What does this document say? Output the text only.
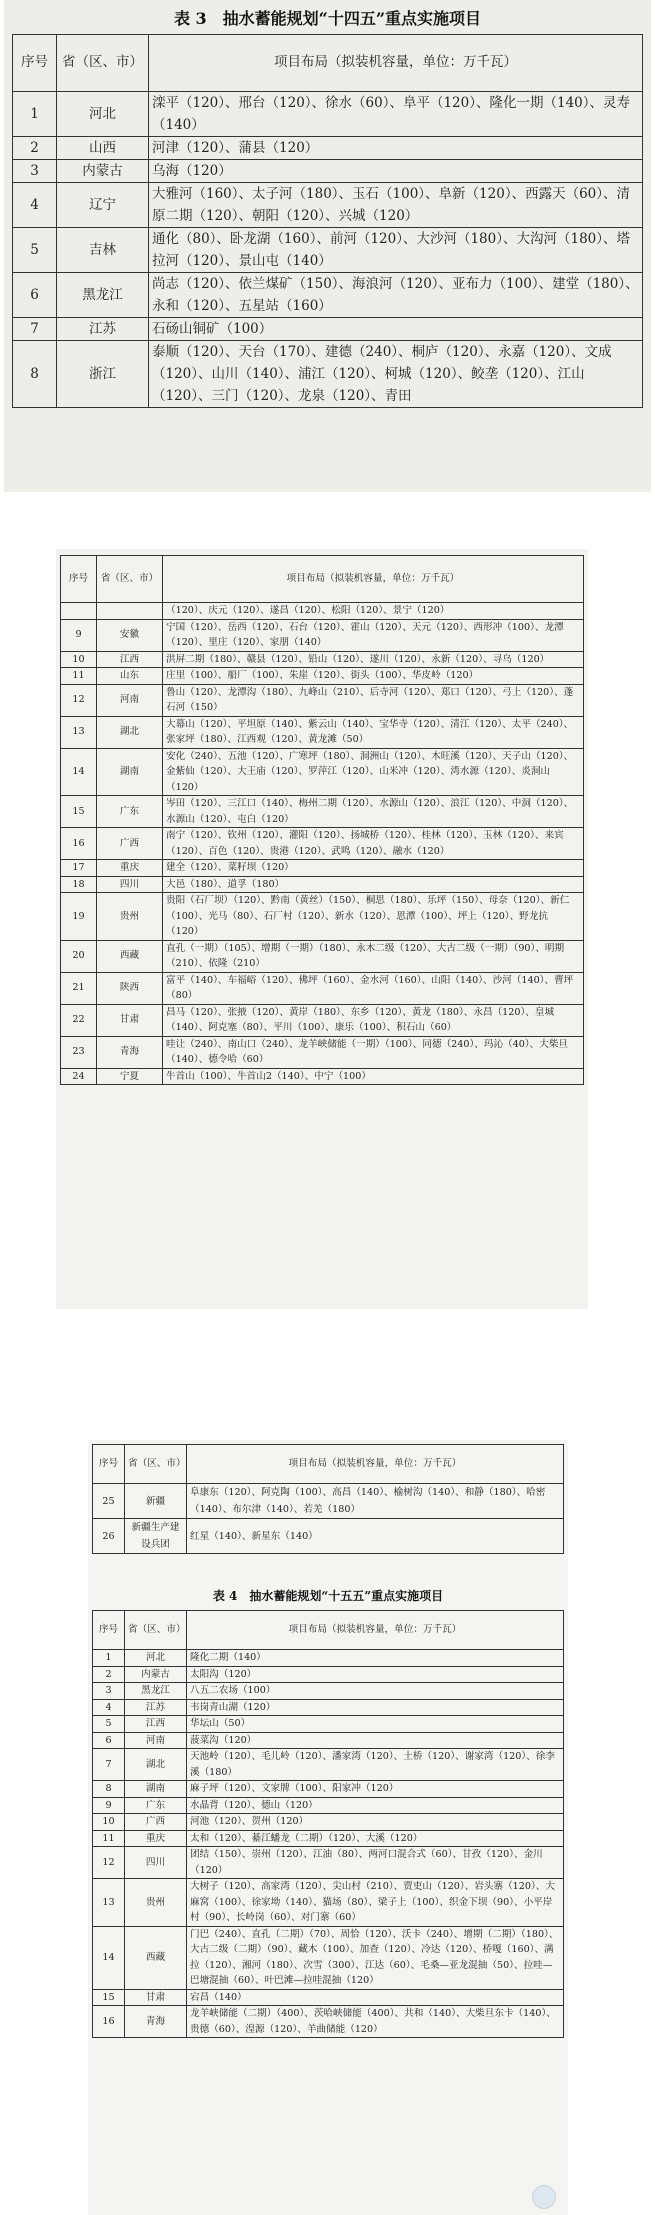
表 3　抽水蓄能规划“十四五”重点实施项目
序号	省（区、市）	项目布局（拟装机容量，单位：万千瓦）
1	河北	滦平（120）、邢台（120）、徐水（60）、阜平（120）、隆化一期（140）、灵寿（140）
2	山西	河津（120）、蒲县（120）
3	内蒙古	乌海（120）
4	辽宁	大雅河（160）、太子河（180）、玉石（100）、阜新（120）、西露天（60）、清原二期（120）、朝阳（120）、兴城（120）
5	吉林	通化（80）、卧龙湖（160）、前河（120）、大沙河（180）、大沟河（180）、塔拉河（120）、景山屯（140）
6	黑龙江	尚志（120）、依兰煤矿（150）、海浪河（120）、亚布力（100）、建堂（180）、永和（120）、五星站（160）
7	江苏	石砀山铜矿（100）
8	浙江	泰顺（120）、天台（170）、建德（240）、桐庐（120）、永嘉（120）、文成（120）、山川（140）、浦江（120）、柯城（120）、鲛垄（120）、江山（120）、三门（120）、龙泉（120）、青田
序号	省（区、市）	项目布局（拟装机容量，单位：万千瓦）
		（120）、庆元（120）、遂昌（120）、松阳（120）、景宁（120）
9	安徽	宁国（120）、岳西（120）、石台（120）、霍山（120）、天元（120）、西形冲（100）、龙潭（120）、里庄（120）、家朋（140）
10	江西	洪屏二期（180）、赣县（120）、铅山（120）、遂川（120）、永新（120）、寻乌（120）
11	山东	庄里（100）、船厂（100）、朱崖（120）、街头（100）、华皮岭（120）
12	河南	鲁山（120）、龙潭沟（180）、九峰山（210）、后寺河（120）、郑口（120）、弓上（120）、蓬石河（150）
13	湖北	大幕山（120）、平坦原（140）、紫云山（140）、宝华寺（120）、清江（120）、太平（240）、张家坪（180）、江西观（120）、黄龙滩（50）
14	湖南	安化（240）、五池（120）、广寒坪（180）、洞洲山（120）、木旺溪（120）、天子山（120）、金紫仙（120）、大王庙（120）、罗萍江（120）、山米冲（120）、湾水源（120）、炎洞山（120）
15	广东	岑田（120）、三江口（140）、梅州二期（120）、水源山（120）、浪江（120）、中洞（120）、水源山（120）、屯白（120）
16	广西	南宁（120）、钦州（120）、灌阳（120）、扬城桥（120）、桂林（120）、玉林（120）、来宾（120）、百色（120）、贵港（120）、武鸣（120）、融水（120）
17	重庆	建全（120）、菜籽坝（120）
18	四川	大邑（180）、道孚（180）
19	贵州	贵阳（石厂坝）（120）、黔南（黄丝）（150）、桐思（180）、乐坪（150）、母奈（120）、新仁（100）、光马（80）、石厂村（120）、新水（120）、思潭（100）、坪上（120）、野龙抗（120）
20	西藏	直孔（一期）（105）、增期（一期）（180）、永木二级（120）、大古二级（一期）（90）、明期（210）、依隆（210）
21	陕西	富平（140）、车福峪（120）、佛坪（160）、金水河（160）、山阳（140）、沙河（140）、曹坪（80）
22	甘肃	昌马（120）、张掖（120）、黄岸（180）、东乡（120）、黄龙（180）、永昌（120）、皇城（140）、阿克塞（80）、平川（100）、康乐（100）、积石山（60）
23	青海	哇让（240）、南山口（240）、龙羊峡储能（一期）（100）、同德（240）、玛沁（40）、大柴旦（140）、德令哈（60）
24	宁夏	牛首山（100）、牛首山2（140）、中宁（100）
序号	省（区、市）	项目布局（拟装机容量，单位：万千瓦）
25	新疆	阜康东（120）、阿克陶（100）、高昌（140）、榆树沟（140）、和静（180）、哈密（140）、布尔津（140）、若羌（180）
26	新疆生产建设兵团	红星（140）、新星东（140）
表 4　抽水蓄能规划“十五五”重点实施项目
序号	省（区、市）	项目布局（拟装机容量，单位：万千瓦）
1	河北	隆化二期（140）
2	内蒙古	太阳沟（120）
3	黑龙江	八五二农场（100）
4	江苏	韦岗青山湖（120）
5	江西	华坛山（50）
6	河南	菠菜沟（120）
7	湖北	天池岭（120）、毛儿岭（120）、潘家湾（120）、土桥（120）、谢家湾（120）、徐李溪（180）
8	湖南	麻子坪（120）、文家牌（100）、阳家冲（120）
9	广东	水晶背（120）、德山（120）
10	广西	河池（120）、贺州（120）
11	重庆	太和（120）、綦江蟠龙（二期）（120）、大溪（120）
12	四川	团结（150）、崇州（120）、江油（80）、两河口混合式（60）、甘孜（120）、金川（120）
13	贵州	大树子（120）、高家湾（120）、尖山村（210）、贾吏山（120）、岩头寨（120）、大麻窝（100）、徐家坳（140）、猫场（80）、梁子上（100）、织金下坝（90）、小平岸村（90）、长岭岗（60）、对门寨（60）
14	西藏	门巴（240）、直孔（二期）（70）、周恰（120）、沃卡（240）、增期（二期）（180）、大古二级（二期）（90）、藏木（100）、加查（120）、冷达（120）、桥嘎（160）、满拉（120）、湘河（180）、次雪（300）、江达（60）、毛桑—亚龙混抽（50）、拉哇—巴塘混抽（60）、叶巴滩—拉哇混抽（120）
15	甘肃	宕昌（140）
16	青海	龙羊峡储能（二期）（400）、茨哈峡储能（400）、共和（140）、大柴旦东卡（140）、贵德（60）、湟源（120）、羊曲储能（120）
